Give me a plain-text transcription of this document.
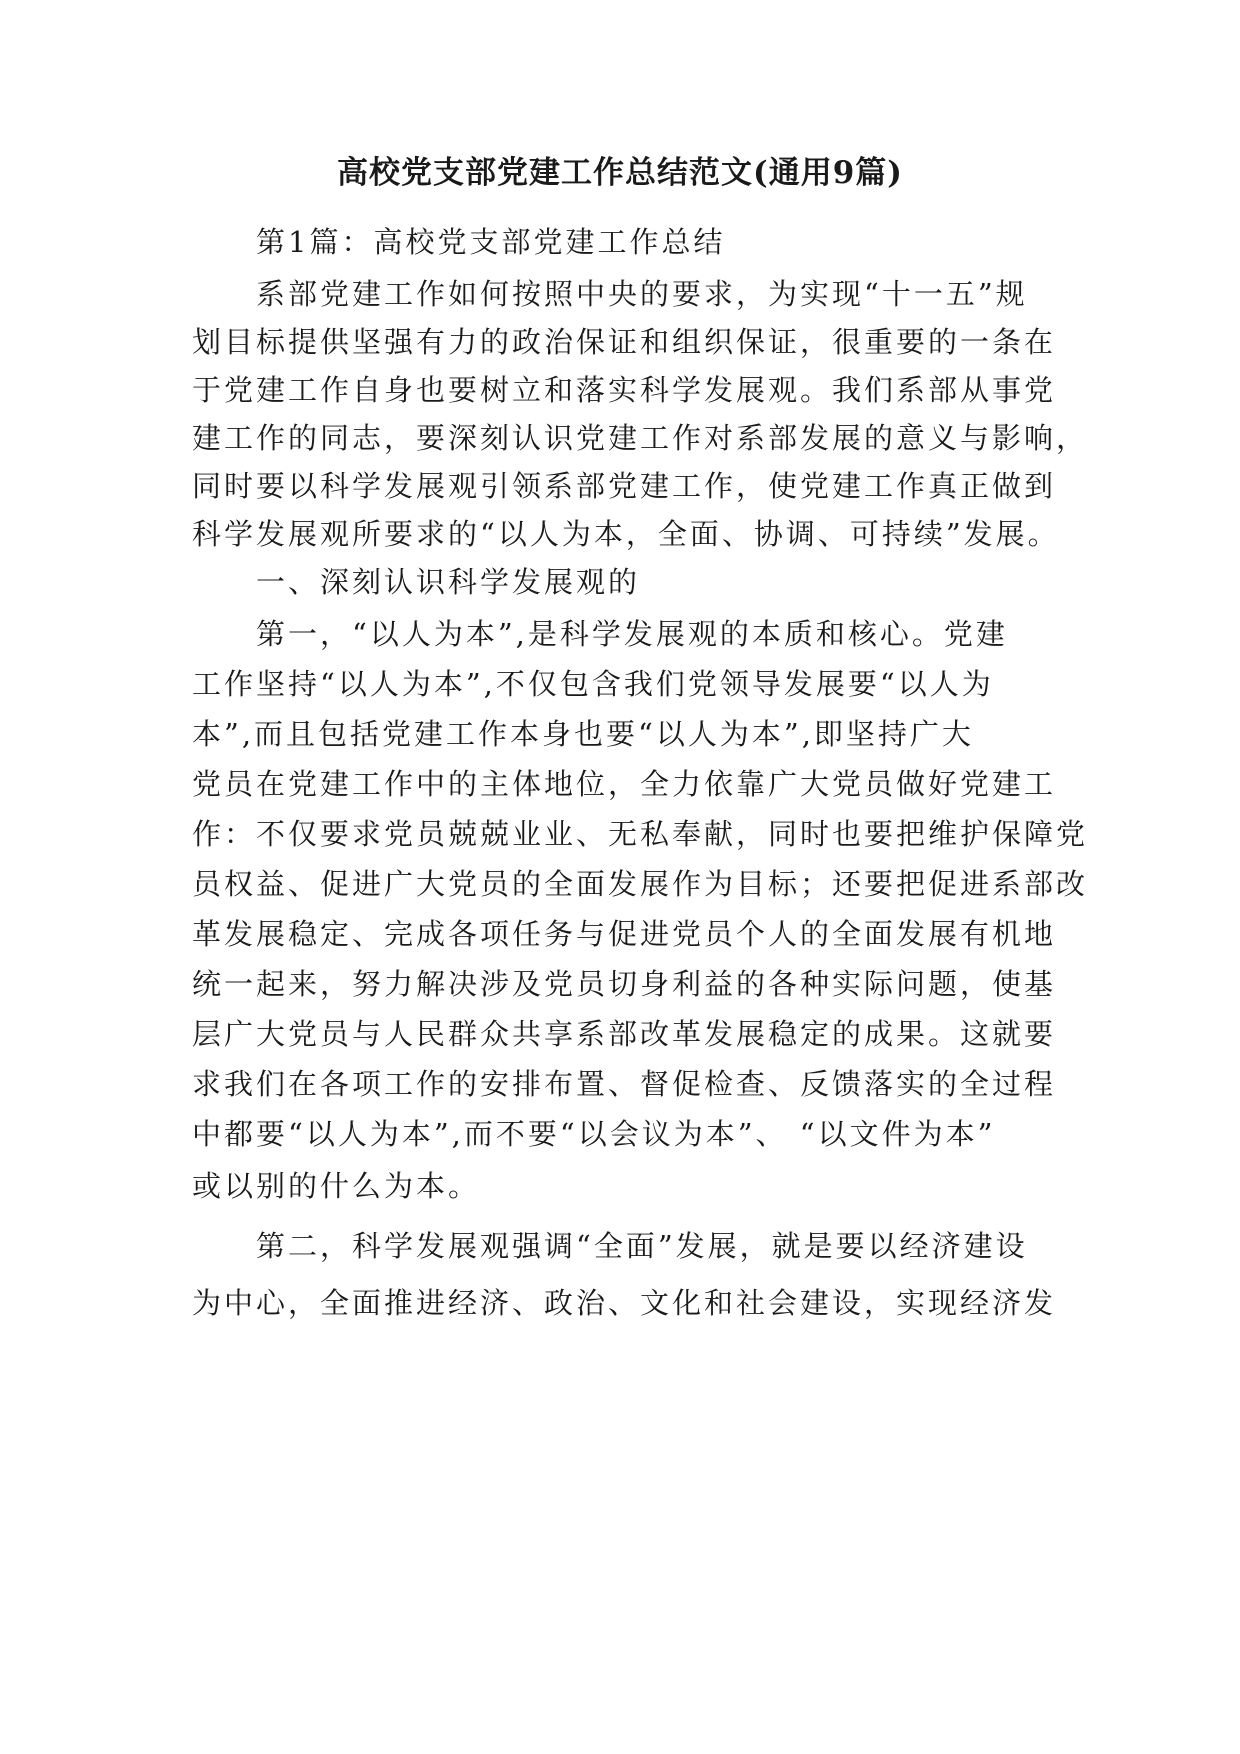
高校党支部党建工作总结范文(通用9篇)
第1篇：高校党支部党建工作总结
系部党建工作如何按照中央的要求，为实现“十一五”规
划目标提供坚强有力的政治保证和组织保证，很重要的一条在
于党建工作自身也要树立和落实科学发展观。我们系部从事党
建工作的同志，要深刻认识党建工作对系部发展的意义与影响，
同时要以科学发展观引领系部党建工作，使党建工作真正做到
科学发展观所要求的“以人为本，全面、协调、可持续”发展。
一、深刻认识科学发展观的
第一，“以人为本”,是科学发展观的本质和核心。党建
工作坚持“以人为本”,不仅包含我们党领导发展要“以人为
本”,而且包括党建工作本身也要“以人为本”,即坚持广大
党员在党建工作中的主体地位，全力依靠广大党员做好党建工
作：不仅要求党员兢兢业业、无私奉献，同时也要把维护保障党
员权益、促进广大党员的全面发展作为目标；还要把促进系部改
革发展稳定、完成各项任务与促进党员个人的全面发展有机地
统一起来，努力解决涉及党员切身利益的各种实际问题，使基
层广大党员与人民群众共享系部改革发展稳定的成果。这就要
求我们在各项工作的安排布置、督促检查、反馈落实的全过程
中都要“以人为本”,而不要“以会议为本”、 “以文件为本”
或以别的什么为本。
第二，科学发展观强调“全面”发展，就是要以经济建设
为中心，全面推进经济、政治、文化和社会建设，实现经济发
